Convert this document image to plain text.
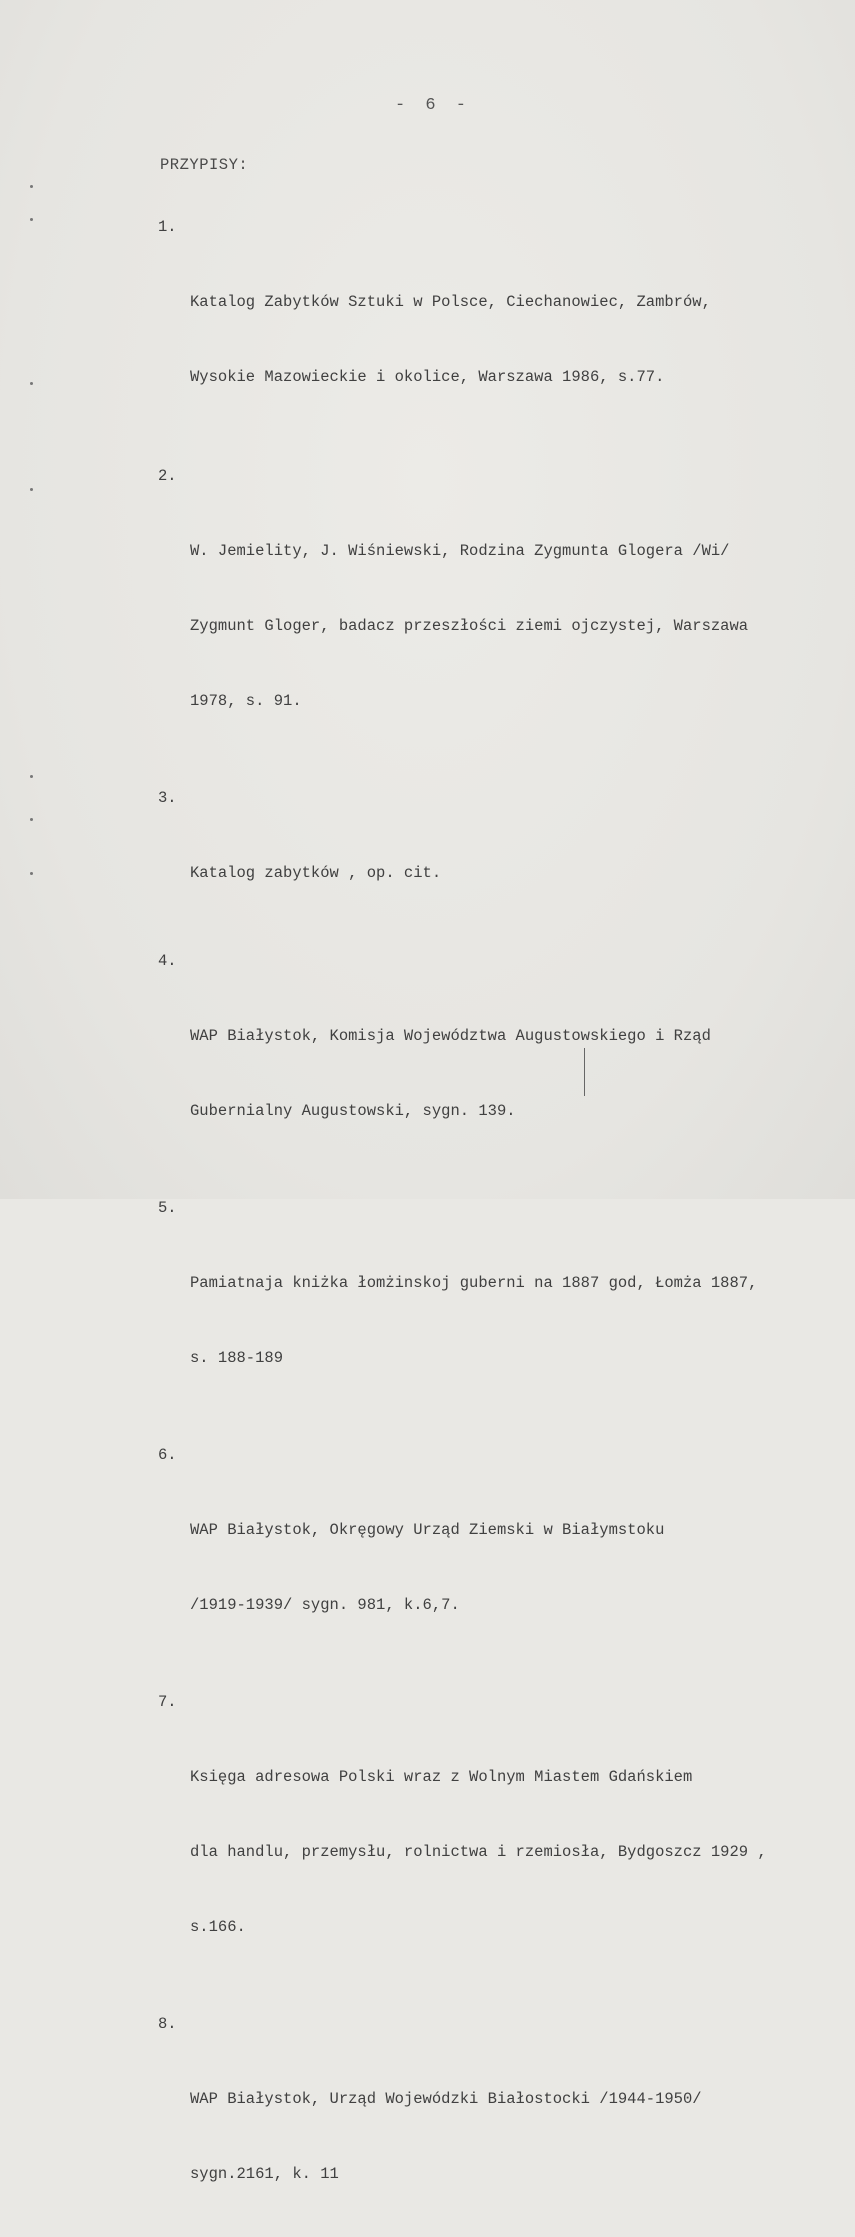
- 6 -
PRZYPISY:

1.

Katalog Zabytków Sztuki w Polsce, Ciechanowiec, Zambrów,

Wysokie Mazowieckie i okolice, Warszawa 1986, s.77.

2.

W. Jemielity, J. Wiśniewski, Rodzina Zygmunta Glogera /Wi/

Zygmunt Gloger, badacz przeszłości ziemi ojczystej, Warszawa

1978, s. 91.

3.

Katalog zabytków , op. cit.

4.

WAP Białystok, Komisja Województwa Augustowskiego i Rząd

Gubernialny Augustowski, sygn. 139.

5.

Pamiatnaja kniżka łomżinskoj guberni na 1887 god, Łomża 1887,

s. 188-189

6.

WAP Białystok, Okręgowy Urząd Ziemski w Białymstoku

/1919-1939/ sygn. 981, k.6,7.

7.

Księga adresowa Polski wraz z Wolnym Miastem Gdańskiem

dla handlu, przemysłu, rolnictwa i rzemiosła, Bydgoszcz 1929 ,

s.166.

8.

WAP Białystok, Urząd Wojewódzki Białostocki /1944-1950/

sygn.2161, k. 11
